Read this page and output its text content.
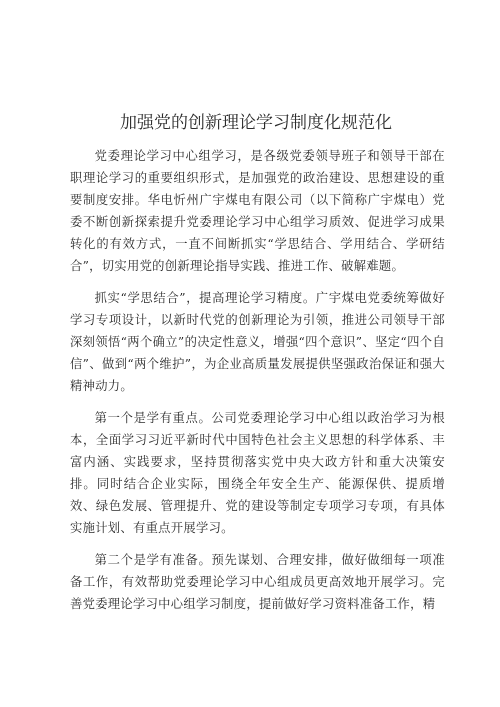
加强党的创新理论学习制度化规范化

党委理论学习中心组学习，是各级党委领导班子和领导干部在职理论学习的重要组织形式，是加强党的政治建设、思想建设的重要制度安排。华电忻州广宇煤电有限公司（以下简称广宇煤电）党委不断创新探索提升党委理论学习中心组学习质效、促进学习成果转化的有效方式，一直不间断抓实“学思结合、学用结合、学研结合”，切实用党的创新理论指导实践、推进工作、破解难题。

抓实“学思结合”，提高理论学习精度。广宇煤电党委统筹做好学习专项设计，以新时代党的创新理论为引领，推进公司领导干部深刻领悟“两个确立”的决定性意义，增强“四个意识”、坚定“四个自信”、做到“两个维护”，为企业高质量发展提供坚强政治保证和强大精神动力。

第一个是学有重点。公司党委理论学习中心组以政治学习为根本，全面学习习近平新时代中国特色社会主义思想的科学体系、丰富内涵、实践要求，坚持贯彻落实党中央大政方针和重大决策安排。同时结合企业实际，围绕全年安全生产、能源保供、提质增效、绿色发展、管理提升、党的建设等制定专项学习专项，有具体实施计划、有重点开展学习。

第二个是学有准备。预先谋划、合理安排，做好做细每一项准备工作，有效帮助党委理论学习中心组成员更高效地开展学习。完善党委理论学习中心组学习制度，提前做好学习资料准备工作，精
